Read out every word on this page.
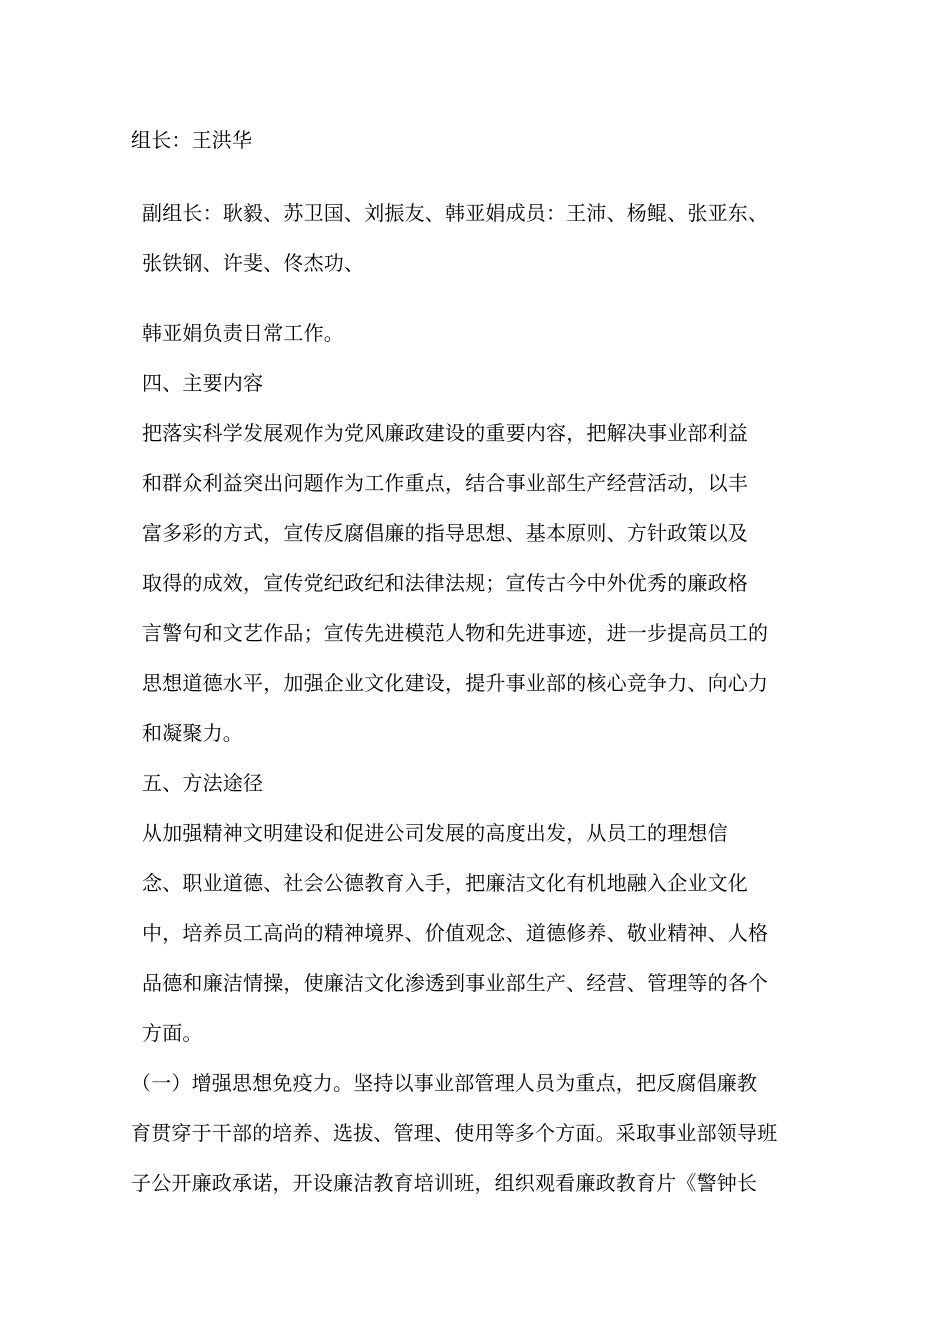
组长：王洪华
副组长：耿毅、苏卫国、刘振友、韩亚娟成员：王沛、杨鲲、张亚东、
张铁钢、许斐、佟杰功、
韩亚娟负责日常工作。
四、主要内容
把落实科学发展观作为党风廉政建设的重要内容，把解决事业部利益
和群众利益突出问题作为工作重点，结合事业部生产经营活动，以丰
富多彩的方式，宣传反腐倡廉的指导思想、基本原则、方针政策以及
取得的成效，宣传党纪政纪和法律法规；宣传古今中外优秀的廉政格
言警句和文艺作品；宣传先进模范人物和先进事迹，进一步提高员工的
思想道德水平，加强企业文化建设，提升事业部的核心竞争力、向心力
和凝聚力。
五、方法途径
从加强精神文明建设和促进公司发展的高度出发，从员工的理想信
念、职业道德、社会公德教育入手，把廉洁文化有机地融入企业文化
中，培养员工高尚的精神境界、价值观念、道德修养、敬业精神、人格
品德和廉洁情操，使廉洁文化渗透到事业部生产、经营、管理等的各个
方面。
（一）增强思想免疫力。坚持以事业部管理人员为重点，把反腐倡廉教
育贯穿于干部的培养、选拔、管理、使用等多个方面。采取事业部领导班
子公开廉政承诺，开设廉洁教育培训班，组织观看廉政教育片《警钟长
